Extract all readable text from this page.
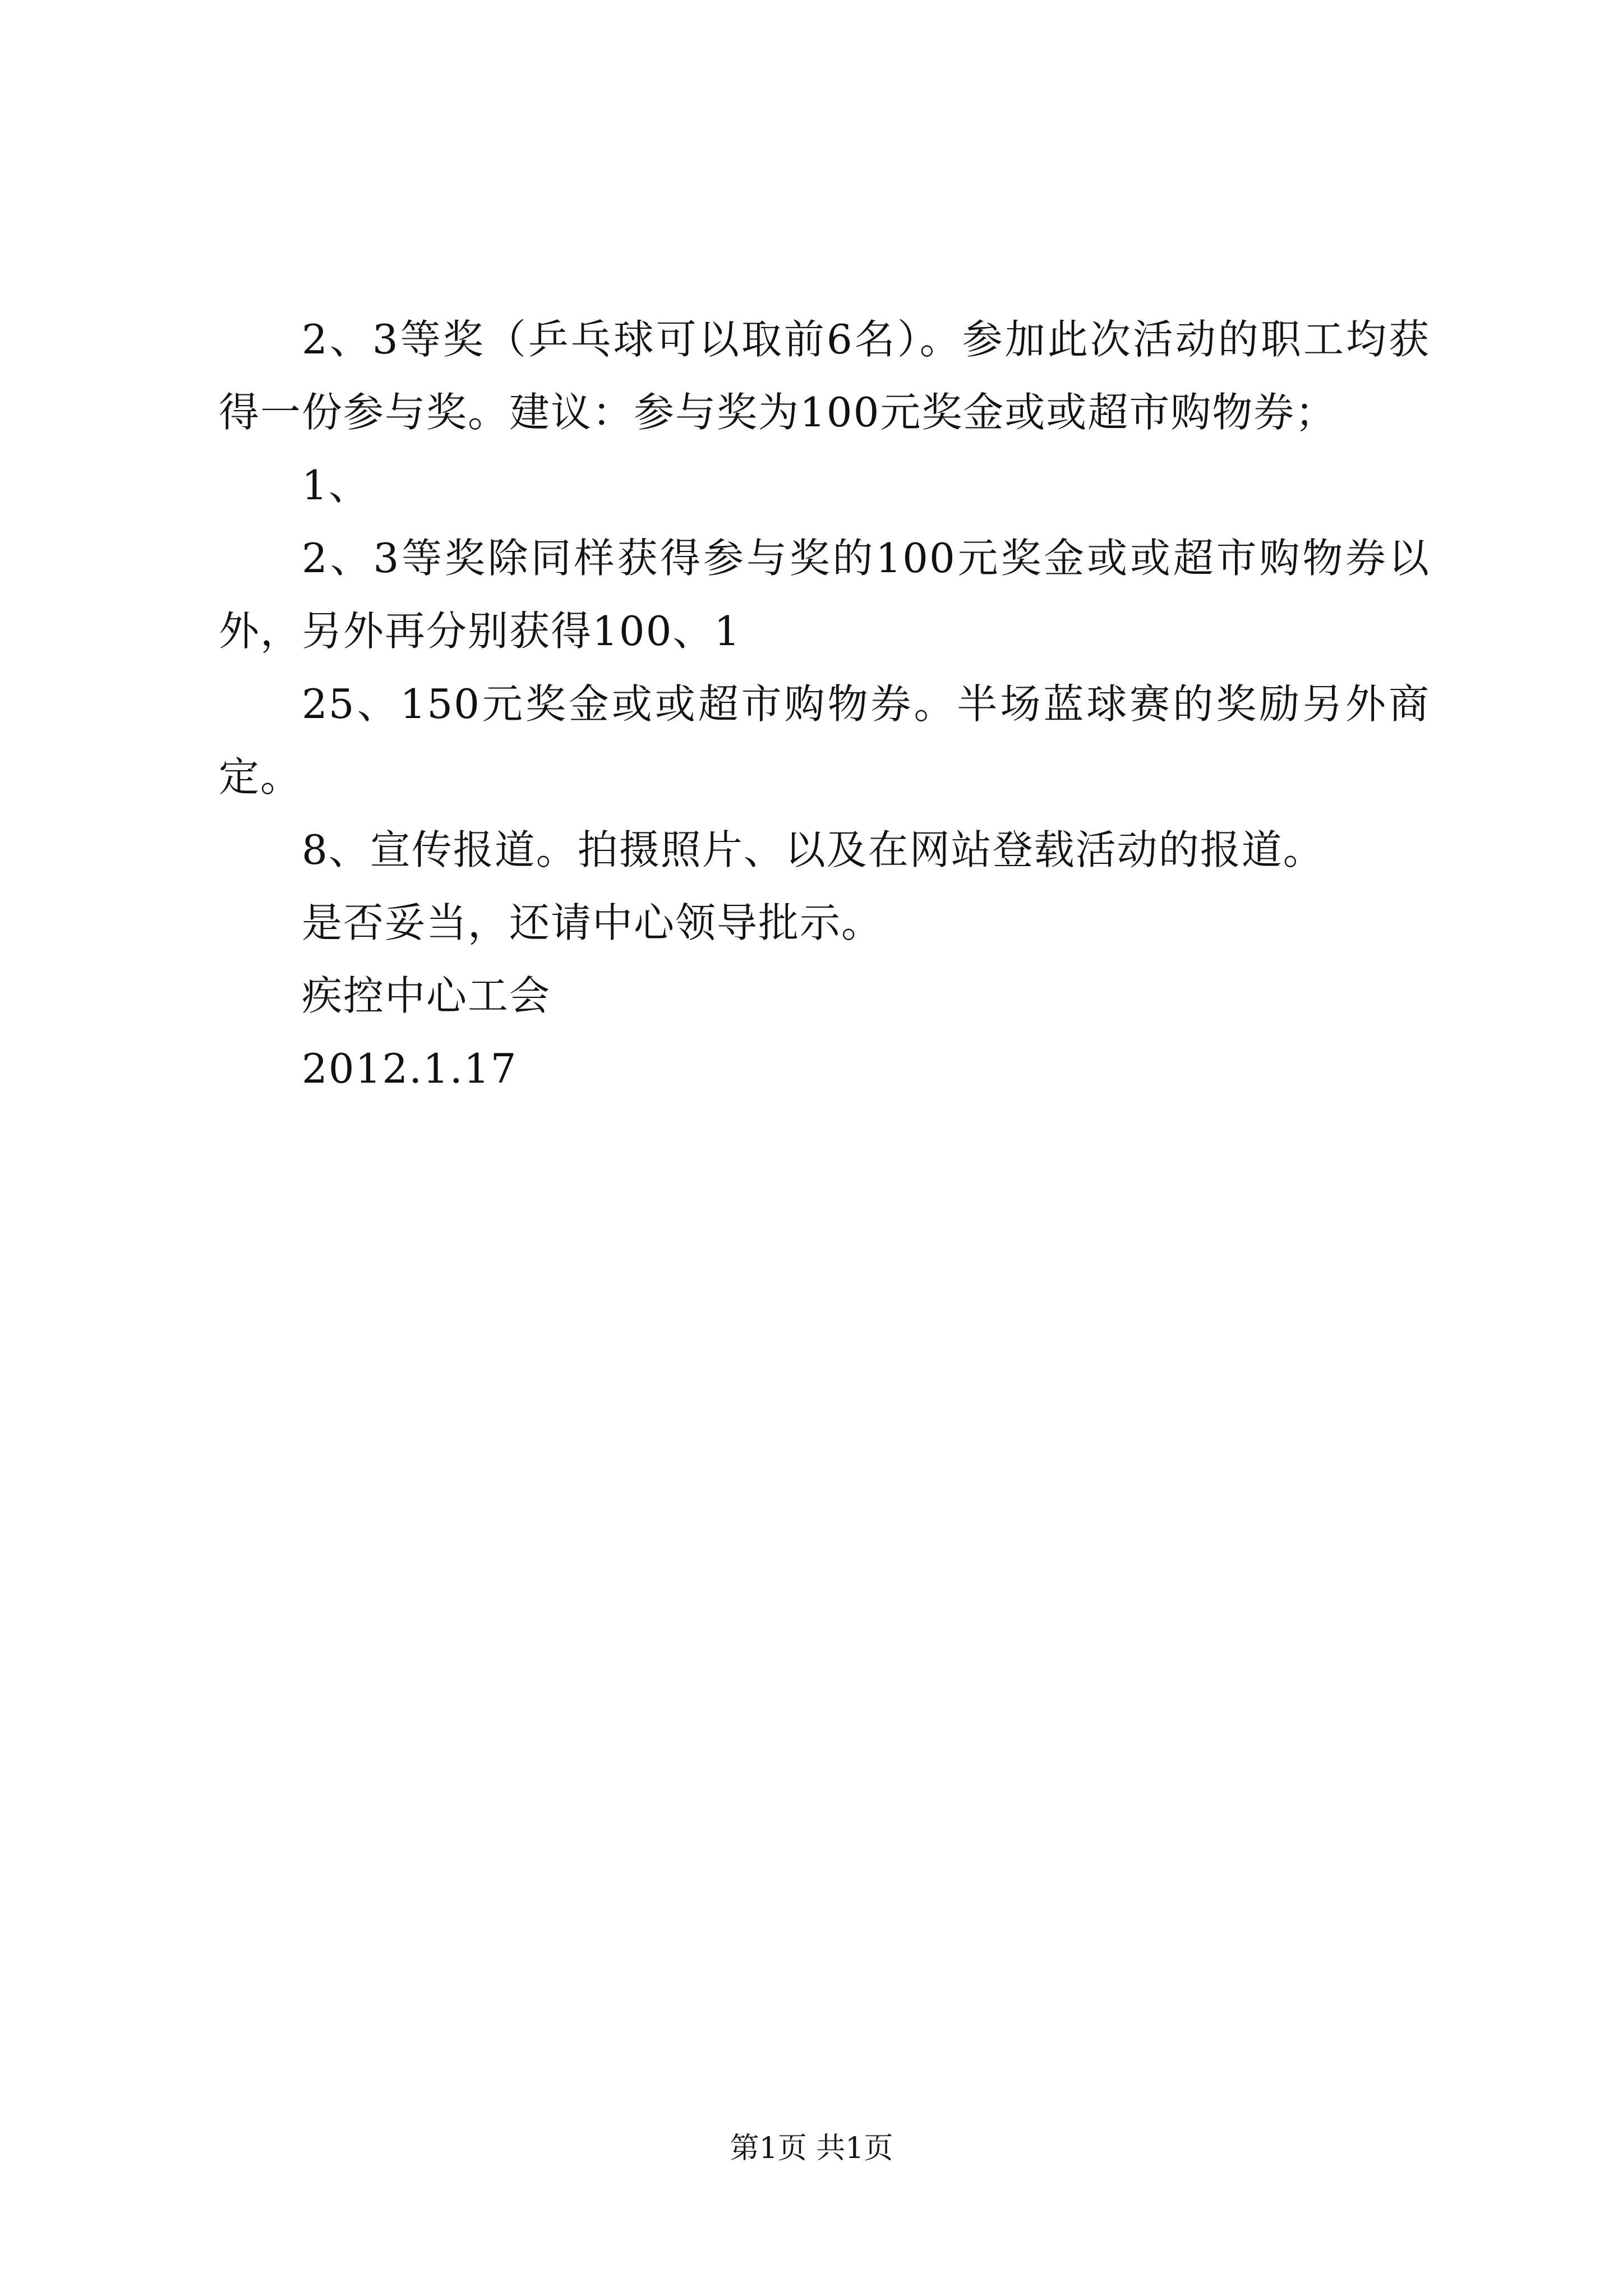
2、3等奖（乒乓球可以取前6名）。参加此次活动的职工均获得一份参与奖。建议：参与奖为100元奖金或或超市购物券；

1、

2、3等奖除同样获得参与奖的100元奖金或或超市购物券以外，另外再分别获得100、1

25、150元奖金或或超市购物券。半场蓝球赛的奖励另外商定。

8、宣传报道。拍摄照片、以及在网站登载活动的报道。

是否妥当，还请中心领导批示。

疾控中心工会

2012.1.17

第1页 共1页
